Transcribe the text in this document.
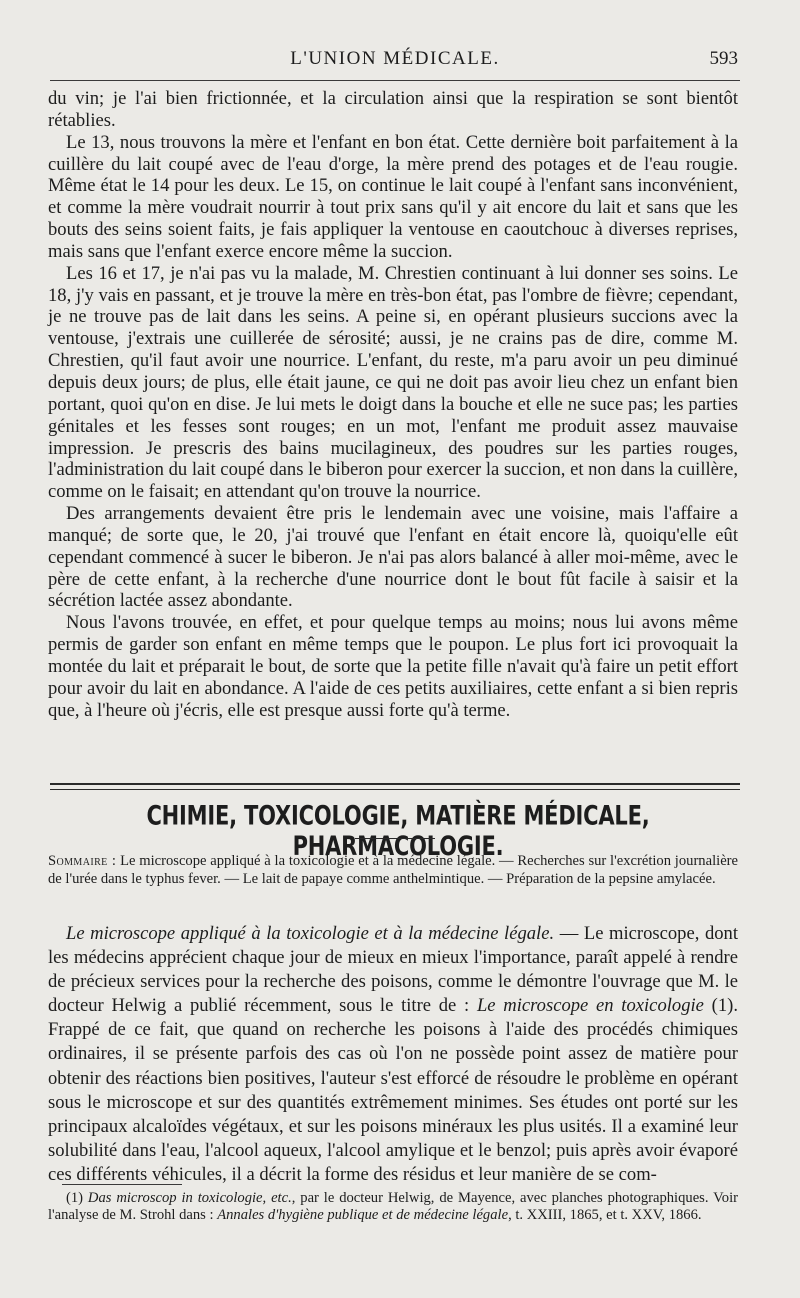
L'UNION MÉDICALE.	593

du vin; je l'ai bien frictionnée, et la circulation ainsi que la respiration se sont bientôt rétablies.

Le 13, nous trouvons la mère et l'enfant en bon état. Cette dernière boit parfaitement à la cuillère du lait coupé avec de l'eau d'orge, la mère prend des potages et de l'eau rougie. Même état le 14 pour les deux. Le 15, on continue le lait coupé à l'enfant sans inconvénient, et comme la mère voudrait nourrir à tout prix sans qu'il y ait encore du lait et sans que les bouts des seins soient faits, je fais appliquer la ventouse en caoutchouc à diverses reprises, mais sans que l'enfant exerce encore même la succion.

Les 16 et 17, je n'ai pas vu la malade, M. Chrestien continuant à lui donner ses soins. Le 18, j'y vais en passant, et je trouve la mère en très-bon état, pas l'ombre de fièvre; cependant, je ne trouve pas de lait dans les seins. A peine si, en opérant plusieurs succions avec la ventouse, j'extrais une cuillerée de sérosité; aussi, je ne crains pas de dire, comme M. Chrestien, qu'il faut avoir une nourrice. L'enfant, du reste, m'a paru avoir un peu diminué depuis deux jours; de plus, elle était jaune, ce qui ne doit pas avoir lieu chez un enfant bien portant, quoi qu'on en dise. Je lui mets le doigt dans la bouche et elle ne suce pas; les parties génitales et les fesses sont rouges; en un mot, l'enfant me produit assez mauvaise impression. Je prescris des bains mucilagineux, des poudres sur les parties rouges, l'administration du lait coupé dans le biberon pour exercer la succion, et non dans la cuillère, comme on le faisait; en attendant qu'on trouve la nourrice.

Des arrangements devaient être pris le lendemain avec une voisine, mais l'affaire a manqué; de sorte que, le 20, j'ai trouvé que l'enfant en était encore là, quoiqu'elle eût cependant commencé à sucer le biberon. Je n'ai pas alors balancé à aller moi-même, avec le père de cette enfant, à la recherche d'une nourrice dont le bout fût facile à saisir et la sécrétion lactée assez abondante.

Nous l'avons trouvée, en effet, et pour quelque temps au moins; nous lui avons même permis de garder son enfant en même temps que le poupon. Le plus fort ici provoquait la montée du lait et préparait le bout, de sorte que la petite fille n'avait qu'à faire un petit effort pour avoir du lait en abondance. A l'aide de ces petits auxiliaires, cette enfant a si bien repris que, à l'heure où j'écris, elle est presque aussi forte qu'à terme.

CHIMIE, TOXICOLOGIE, MATIÈRE MÉDICALE, PHARMACOLOGIE.
Sommaire : Le microscope appliqué à la toxicologie et à la médecine légale. — Recherches sur l'excrétion journalière de l'urée dans le typhus fever. — Le lait de papaye comme anthelmintique. — Préparation de la pepsine amylacée.

Le microscope appliqué à la toxicologie et à la médecine légale. — Le microscope, dont les médecins apprécient chaque jour de mieux en mieux l'importance, paraît appelé à rendre de précieux services pour la recherche des poisons, comme le démontre l'ouvrage que M. le docteur Helwig a publié récemment, sous le titre de : Le microscope en toxicologie (1). Frappé de ce fait, que quand on recherche les poisons à l'aide des procédés chimiques ordinaires, il se présente parfois des cas où l'on ne possède point assez de matière pour obtenir des réactions bien positives, l'auteur s'est efforcé de résoudre le problème en opérant sous le microscope et sur des quantités extrêmement minimes. Ses études ont porté sur les principaux alcaloïdes végétaux, et sur les poisons minéraux les plus usités. Il a examiné leur solubilité dans l'eau, l'alcool aqueux, l'alcool amylique et le benzol; puis après avoir évaporé ces différents véhicules, il a décrit la forme des résidus et leur manière de se com-

(1) Das microscop in toxicologie, etc., par le docteur Helwig, de Mayence, avec planches photographiques. Voir l'analyse de M. Strohl dans : Annales d'hygiène publique et de médecine légale, t. XXIII, 1865, et t. XXV, 1866.
